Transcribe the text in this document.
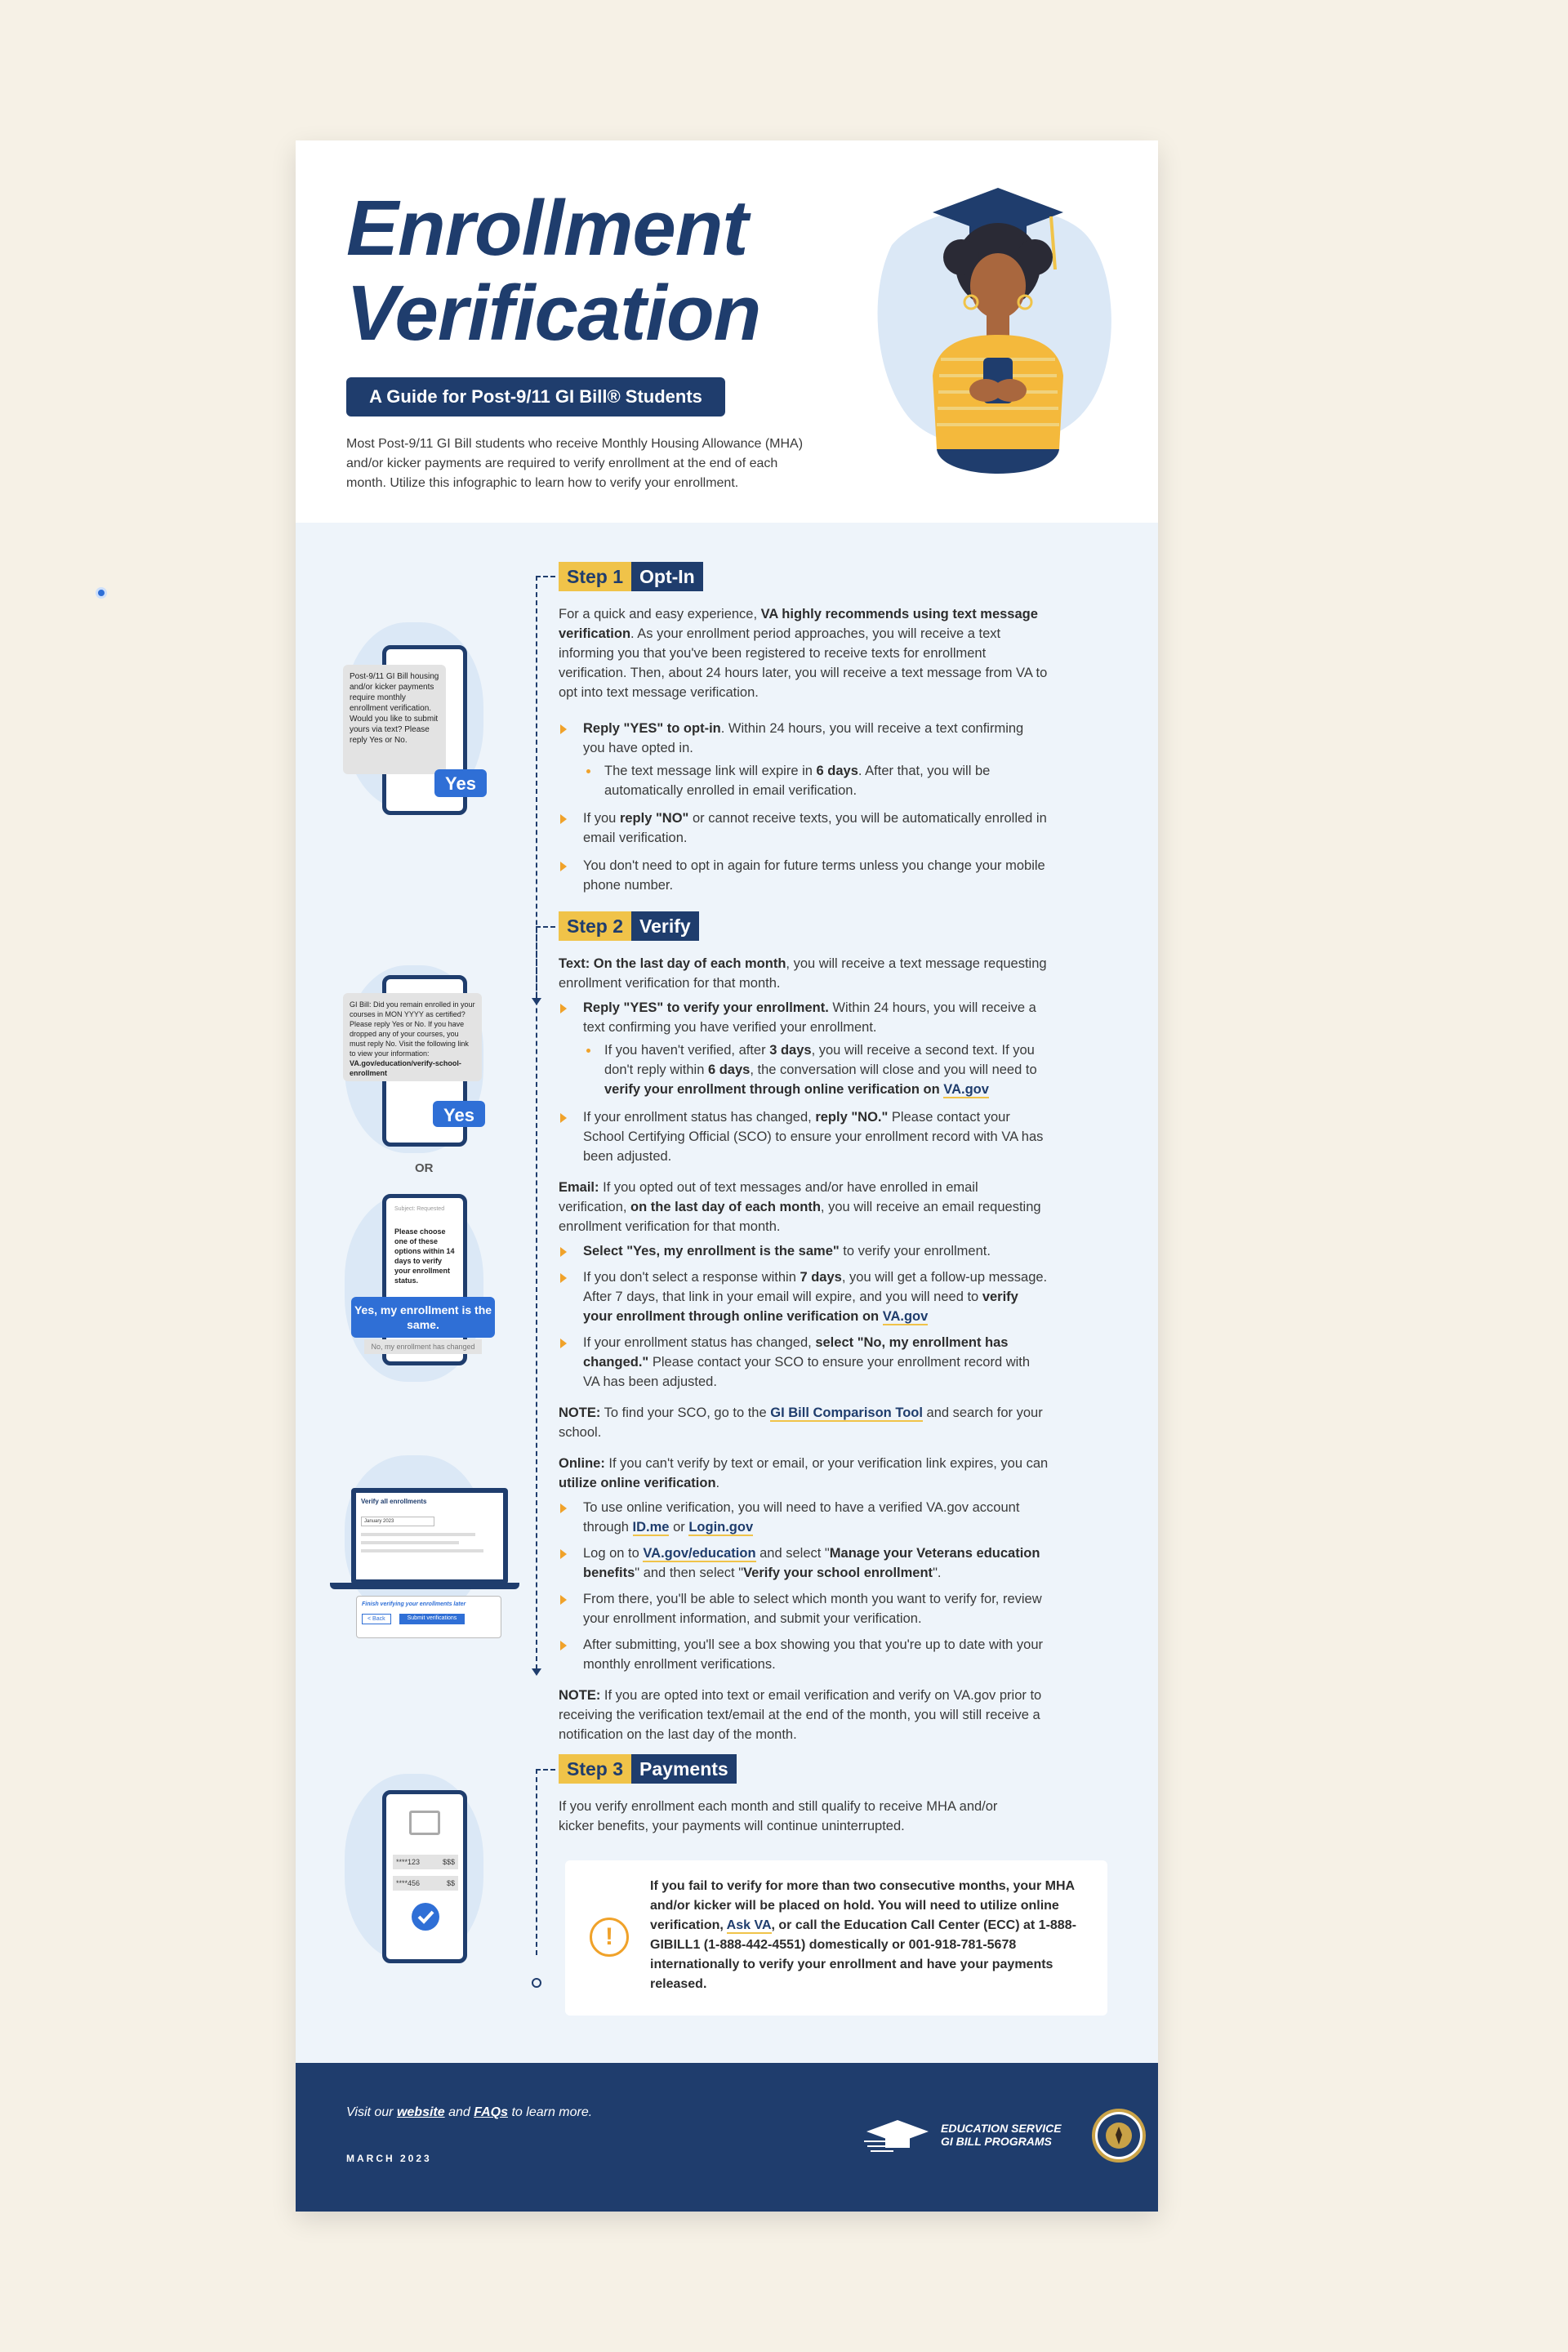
Enrollment
Verification
A Guide for Post-9/11 GI Bill® Students

Most Post-9/11 GI Bill students who receive Monthly Housing Allowance (MHA) and/or kicker payments are required to verify enrollment at the end of each month. Utilize this infographic to learn how to verify your enrollment.

Step 1 Opt-In

For a quick and easy experience, VA highly recommends using text message verification. As your enrollment period approaches, you will receive a text informing you that you've been registered to receive texts for enrollment verification. Then, about 24 hours later, you will receive a text message from VA to opt into text message verification.

Reply "YES" to opt-in. Within 24 hours, you will receive a text confirming you have opted in.
The text message link will expire in 6 days. After that, you will be automatically enrolled in email verification.
If you reply "NO" or cannot receive texts, you will be automatically enrolled in email verification.
You don't need to opt in again for future terms unless you change your mobile phone number.
Post-9/11 GI Bill housing and/or kicker payments require monthly enrollment verification. Would you like to submit yours via text? Please reply Yes or No.
Yes
Step 2 Verify

Text: On the last day of each month, you will receive a text message requesting enrollment verification for that month.

Reply "YES" to verify your enrollment. Within 24 hours, you will receive a text confirming you have verified your enrollment.
If you haven't verified, after 3 days, you will receive a second text. If you don't reply within 6 days, the conversation will close and you will need to verify your enrollment through online verification on VA.gov
If your enrollment status has changed, reply "NO." Please contact your School Certifying Official (SCO) to ensure your enrollment record with VA has been adjusted.

Email: If you opted out of text messages and/or have enrolled in email verification, on the last day of each month, you will receive an email requesting enrollment verification for that month.

Select "Yes, my enrollment is the same" to verify your enrollment.
If you don't select a response within 7 days, you will get a follow-up message. After 7 days, that link in your email will expire, and you will need to verify your enrollment through online verification on VA.gov
If your enrollment status has changed, select "No, my enrollment has changed." Please contact your SCO to ensure your enrollment record with VA has been adjusted.

NOTE: To find your SCO, go to the GI Bill Comparison Tool and search for your school.

Online: If you can't verify by text or email, or your verification link expires, you can utilize online verification.

To use online verification, you will need to have a verified VA.gov account through ID.me or Login.gov
Log on to VA.gov/education and select "Manage your Veterans education benefits" and then select "Verify your school enrollment".
From there, you'll be able to select which month you want to verify for, review your enrollment information, and submit your verification.
After submitting, you'll see a box showing you that you're up to date with your monthly enrollment verifications.

NOTE: If you are opted into text or email verification and verify on VA.gov prior to receiving the verification text/email at the end of the month, you will still receive a notification on the last day of the month.

GI Bill: Did you remain enrolled in your courses in MON YYYY as certified? Please reply Yes or No. If you have dropped any of your courses, you must reply No. Visit the following link to view your information: VA.gov/education/verify-school-enrollment
Yes
OR
Subject: Requested
Please choose one of these options within 14 days to verify your enrollment status.
Yes, my enrollment is the same.
No, my enrollment has changed
Verify all enrollments
January 2023
Finish verifying your enrollments later
< Back	Submit verifications
Step 3 Payments

If you verify enrollment each month and still qualify to receive MHA and/or kicker benefits, your payments will continue uninterrupted.

!
If you fail to verify for more than two consecutive months, your MHA and/or kicker will be placed on hold. You will need to utilize online verification, Ask VA, or call the Education Call Center (ECC) at 1-888-GIBILL1 (1-888-442-4551) domestically or 001-918-781-5678 internationally to verify your enrollment and have your payments released.
****123	$$$
****456	$$
Visit our website and FAQs to learn more.
MARCH 2023
EDUCATION SERVICE
GI BILL PROGRAMS
